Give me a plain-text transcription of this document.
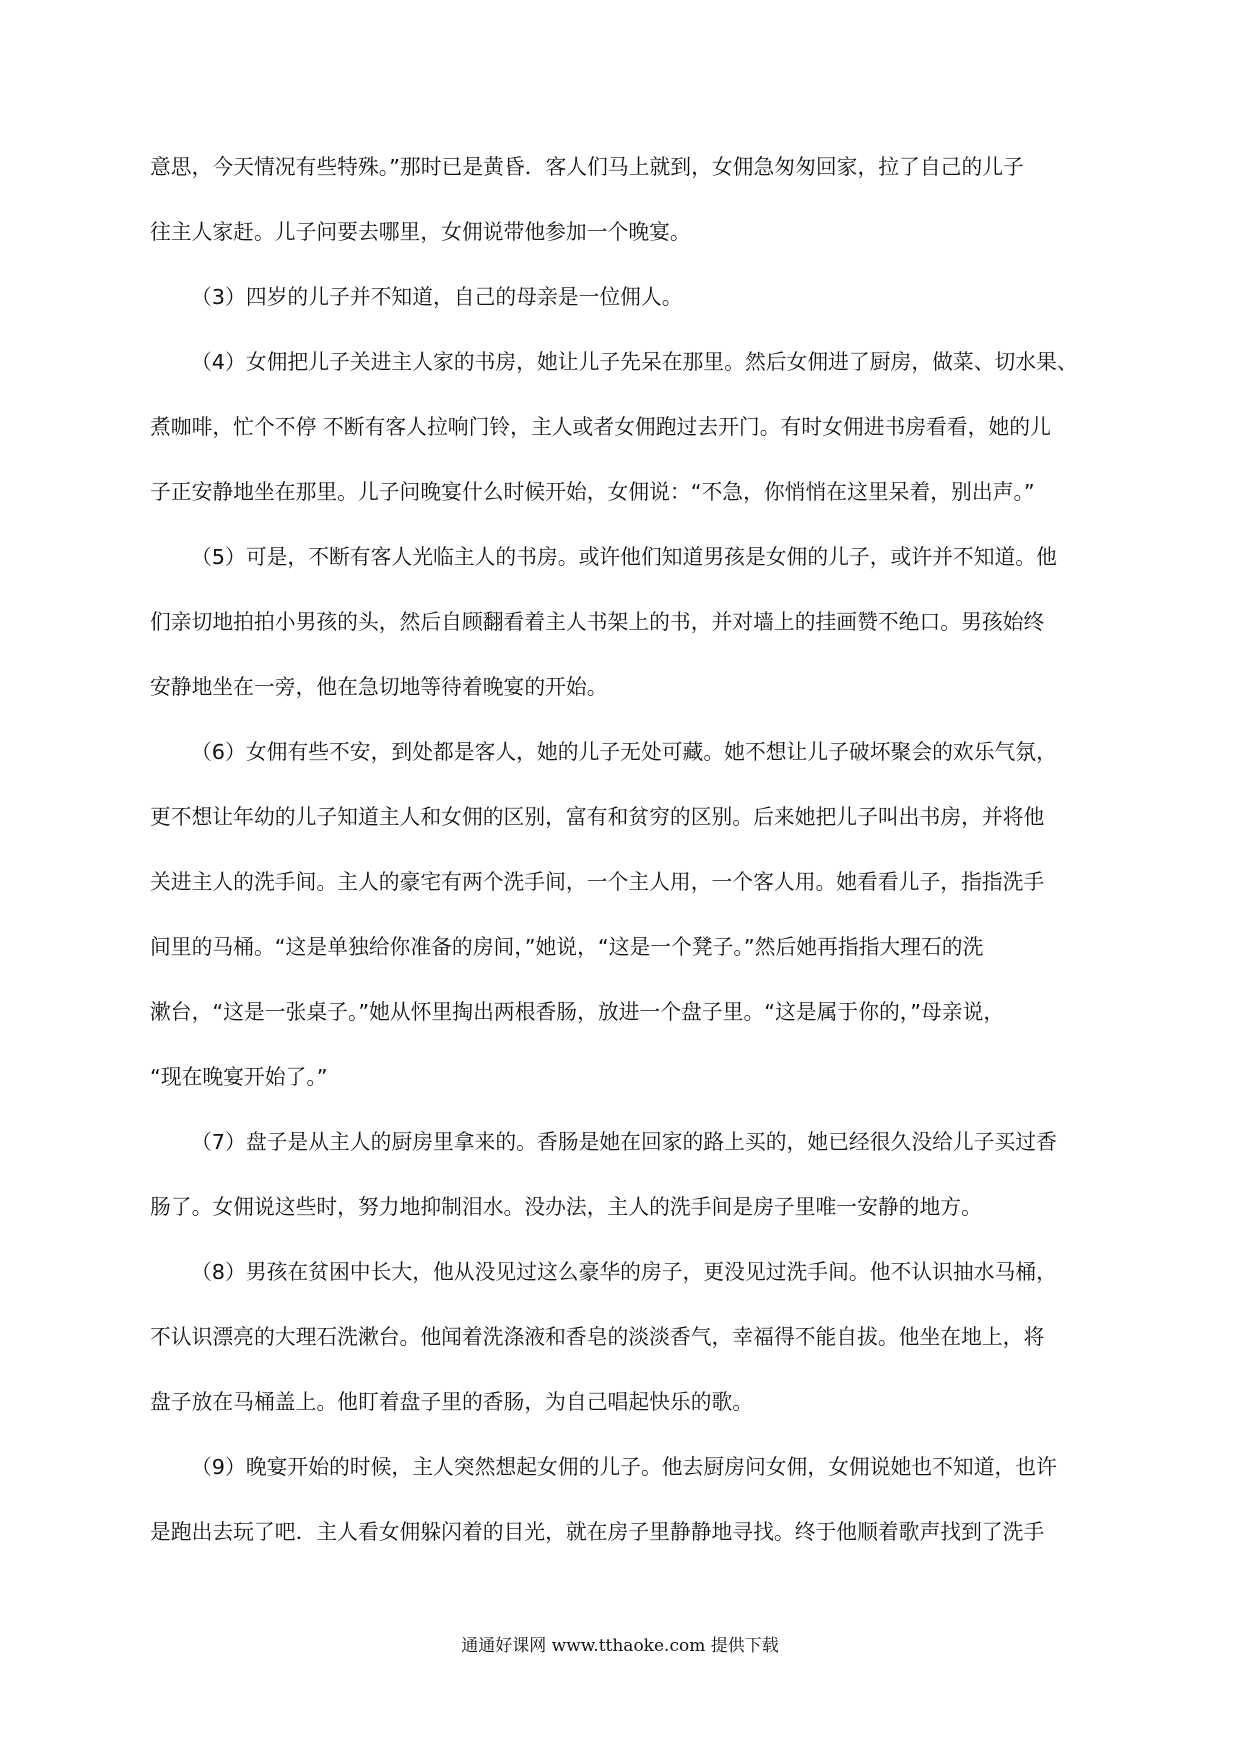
意思，今天情况有些特殊。”那时已是黄昏．客人们马上就到，女佣急匆匆回家，拉了自己的儿子
往主人家赶。儿子问要去哪里，女佣说带他参加一个晚宴。
（3）四岁的儿子并不知道，自己的母亲是一位佣人。
（4）女佣把儿子关进主人家的书房，她让儿子先呆在那里。然后女佣进了厨房，做菜、切水果、
煮咖啡，忙个不停 不断有客人拉响门铃，主人或者女佣跑过去开门。有时女佣进书房看看，她的儿
子正安静地坐在那里。儿子问晚宴什么时候开始，女佣说：“不急，你悄悄在这里呆着，别出声。”
（5）可是，不断有客人光临主人的书房。或许他们知道男孩是女佣的儿子，或许并不知道。他
们亲切地拍拍小男孩的头，然后自顾翻看着主人书架上的书，并对墙上的挂画赞不绝口。男孩始终
安静地坐在一旁，他在急切地等待着晚宴的开始。
（6）女佣有些不安，到处都是客人，她的儿子无处可藏。她不想让儿子破坏聚会的欢乐气氛，
更不想让年幼的儿子知道主人和女佣的区别，富有和贫穷的区别。后来她把儿子叫出书房，并将他
关进主人的洗手间。主人的豪宅有两个洗手间，一个主人用，一个客人用。她看看儿子，指指洗手
间里的马桶。“这是单独给你准备的房间，”她说，“这是一个凳子。”然后她再指指大理石的洗
漱台，“这是一张桌子。”她从怀里掏出两根香肠，放进一个盘子里。“这是属于你的，”母亲说，
“现在晚宴开始了。”
（7）盘子是从主人的厨房里拿来的。香肠是她在回家的路上买的，她已经很久没给儿子买过香
肠了。女佣说这些时，努力地抑制泪水。没办法，主人的洗手间是房子里唯一安静的地方。
（8）男孩在贫困中长大，他从没见过这么豪华的房子，更没见过洗手间。他不认识抽水马桶，
不认识漂亮的大理石洗漱台。他闻着洗涤液和香皂的淡淡香气，幸福得不能自拔。他坐在地上，将
盘子放在马桶盖上。他盯着盘子里的香肠，为自己唱起快乐的歌。
（9）晚宴开始的时候，主人突然想起女佣的儿子。他去厨房问女佣，女佣说她也不知道，也许
是跑出去玩了吧．主人看女佣躲闪着的目光，就在房子里静静地寻找。终于他顺着歌声找到了洗手
通通好课网 www.tthaoke.com 提供下载
